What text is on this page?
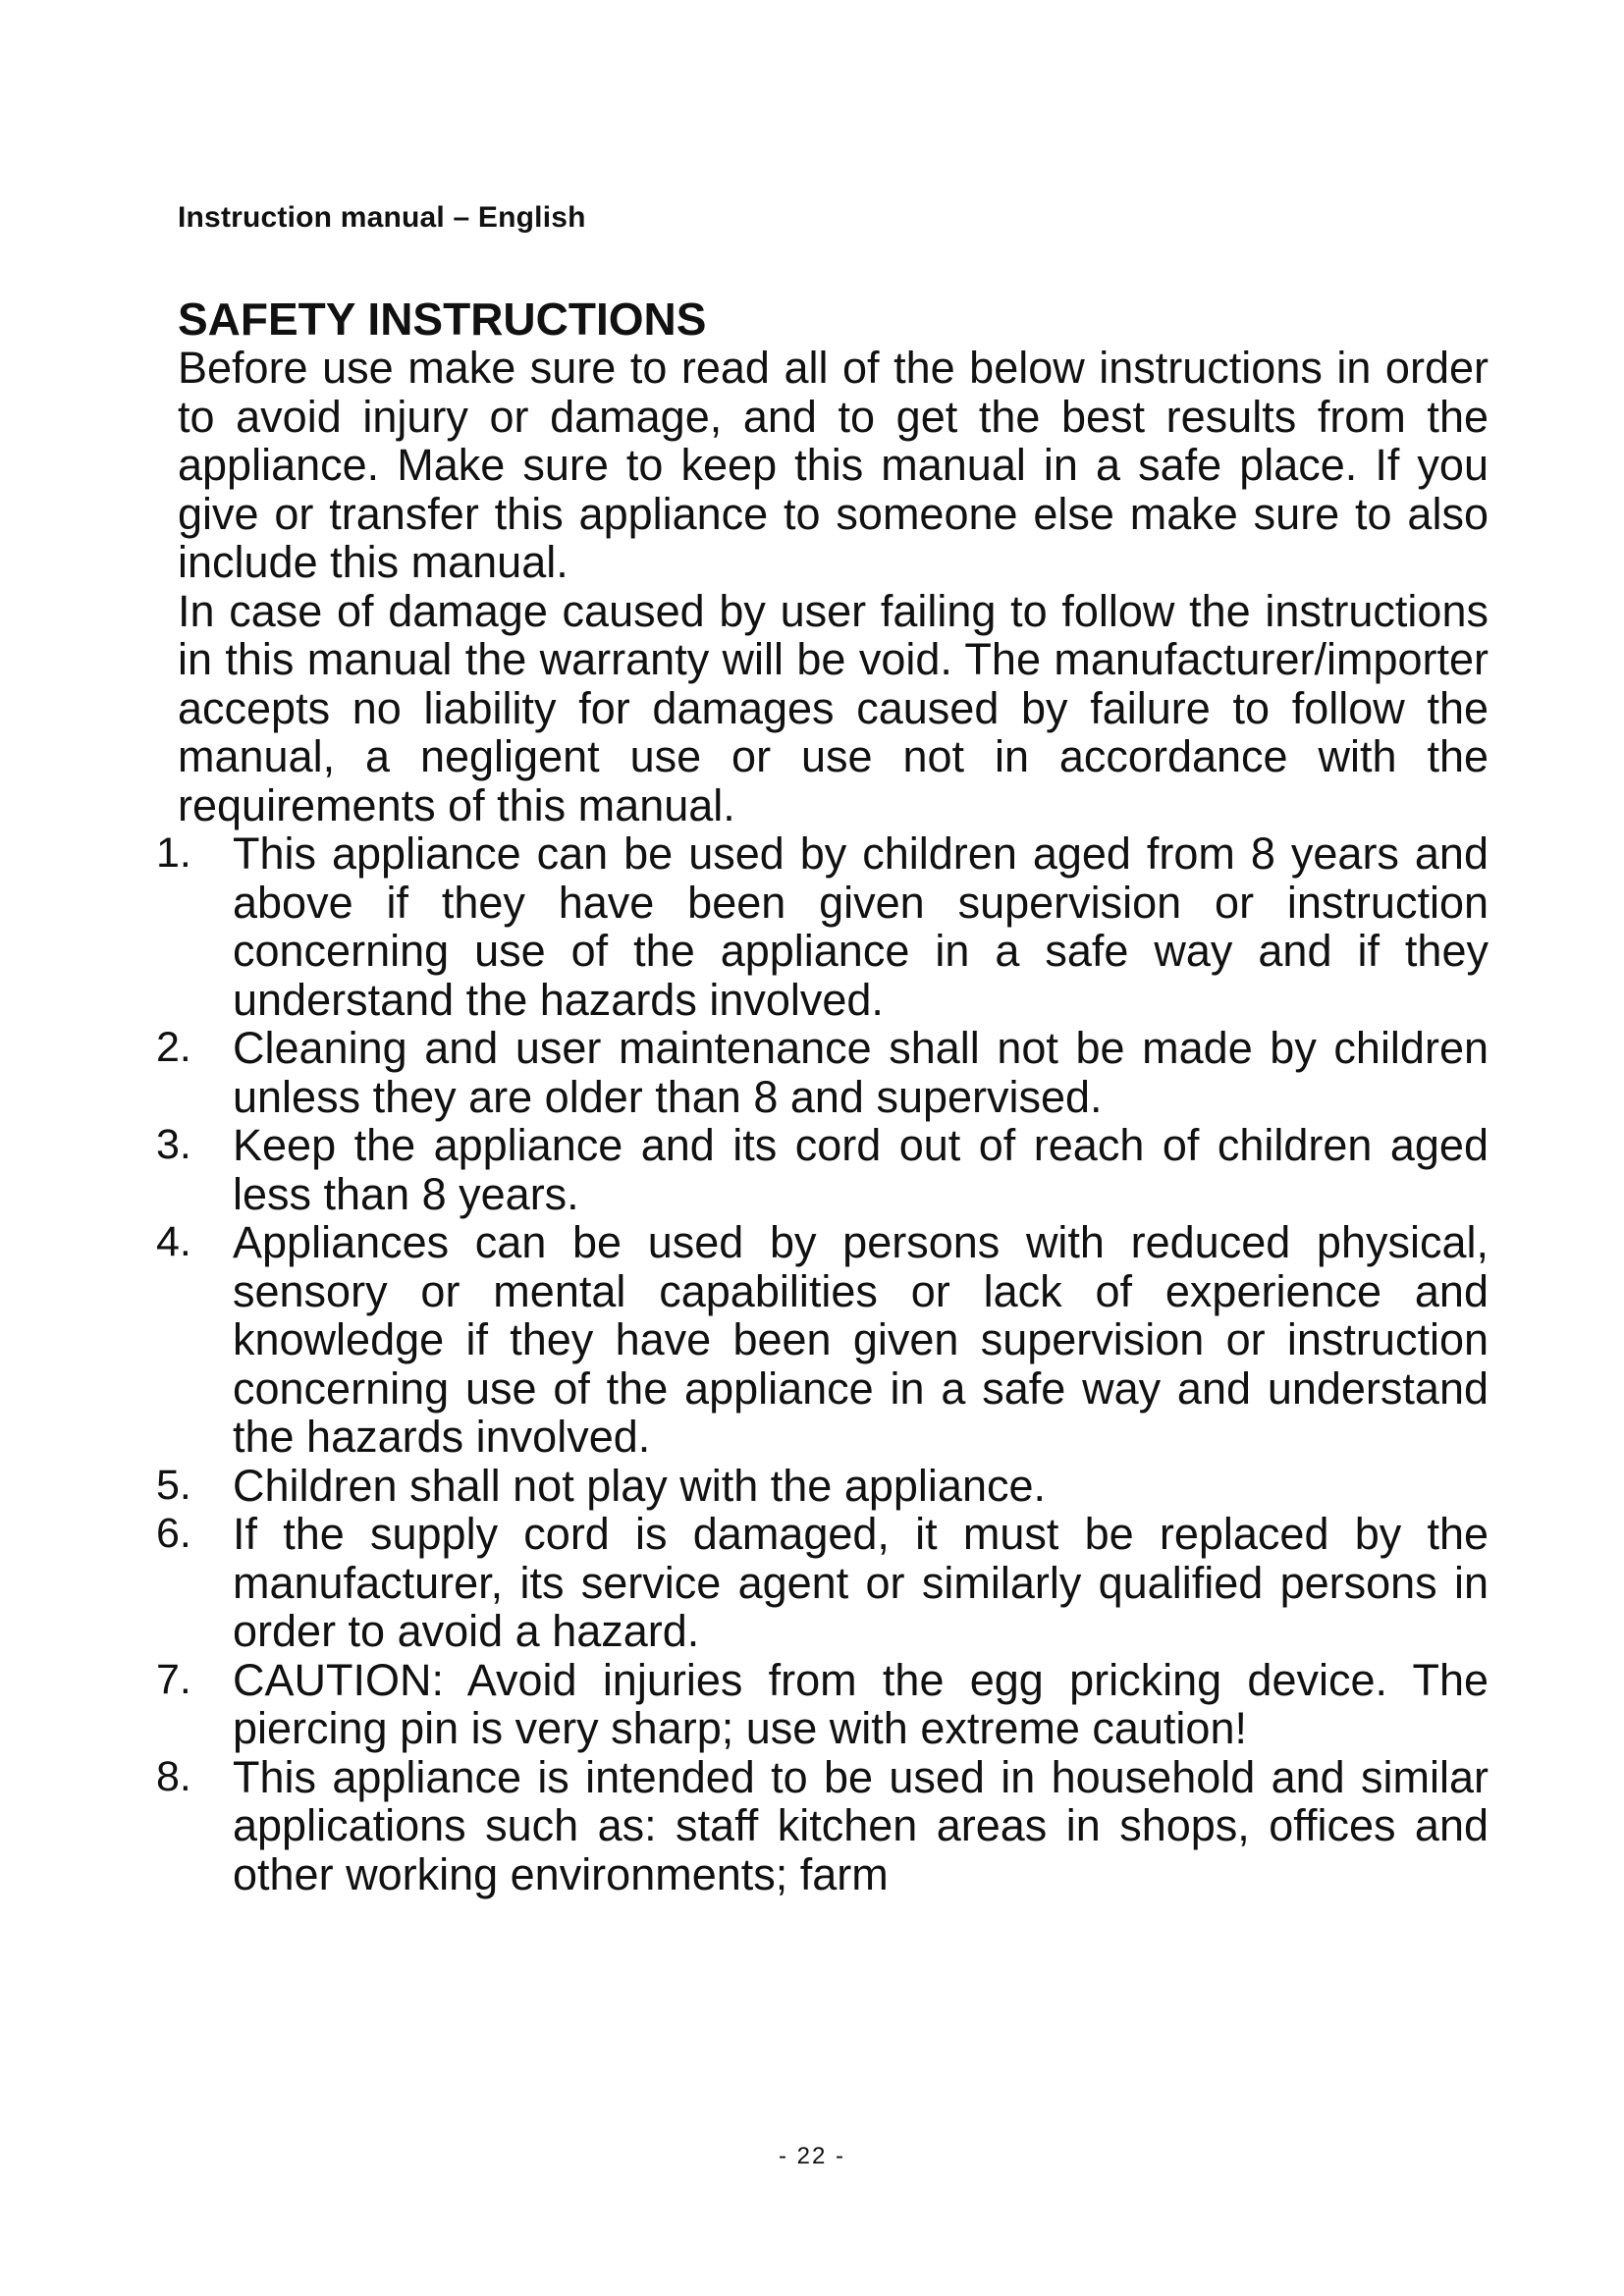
Instruction manual – English
SAFETY INSTRUCTIONS

Before use make sure to read all of the below instructions in order to avoid injury or damage, and to get the best results from the appliance. Make sure to keep this manual in a safe place. If you give or transfer this appliance to someone else make sure to also include this manual.

In case of damage caused by user failing to follow the instructions in this manual the warranty will be void. The manufacturer/importer accepts no liability for damages caused by failure to follow the manual, a negligent use or use not in accordance with the requirements of this manual.

1. This appliance can be used by children aged from 8 years and above if they have been given supervision or instruction concerning use of the appliance in a safe way and if they understand the hazards involved.
2. Cleaning and user maintenance shall not be made by children unless they are older than 8 and supervised.
3. Keep the appliance and its cord out of reach of children aged less than 8 years.
4. Appliances can be used by persons with reduced physical, sensory or mental capabilities or lack of experience and knowledge if they have been given supervision or instruction concerning use of the appliance in a safe way and understand the hazards involved.
5. Children shall not play with the appliance.
6. If the supply cord is damaged, it must be replaced by the manufacturer, its service agent or similarly qualified persons in order to avoid a hazard.
7. CAUTION: Avoid injuries from the egg pricking device. The piercing pin is very sharp; use with extreme caution!
8. This appliance is intended to be used in household and similar applications such as: staff kitchen areas in shops, offices and other working environments; farm
- 22 -
